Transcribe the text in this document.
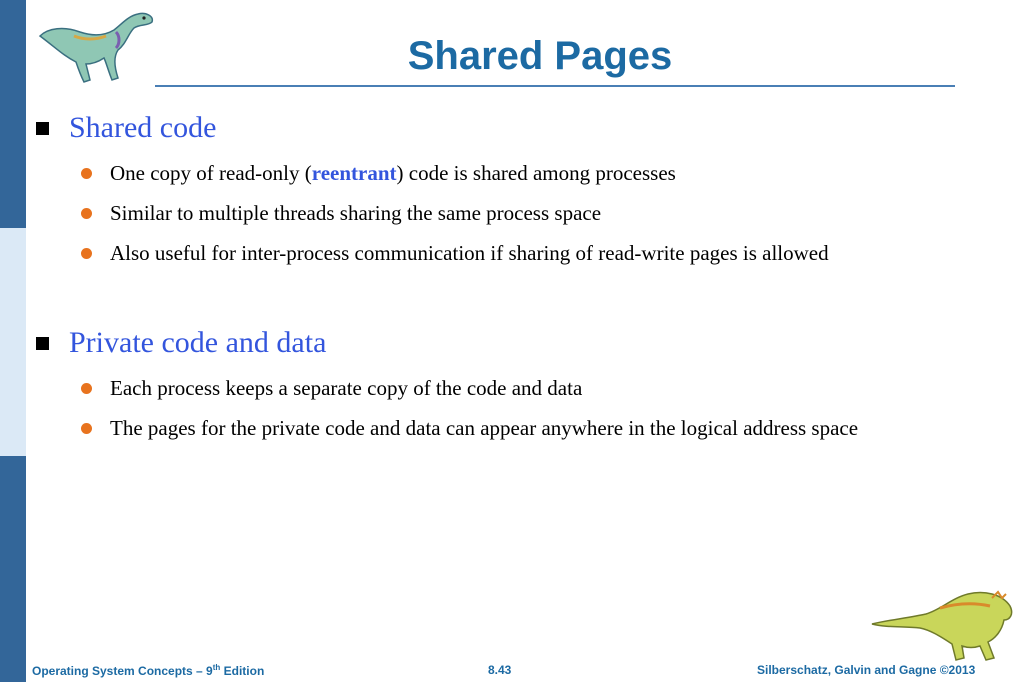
Shared Pages
Shared code
One copy of read-only (reentrant) code is shared among processes
Similar to multiple threads sharing the same process space
Also useful for inter-process communication if sharing of read-write pages is allowed
Private code and data
Each process keeps a separate copy of the code and data
The pages for the private code and data can appear anywhere in the logical address space
Operating System Concepts – 9th Edition	8.43	Silberschatz, Galvin and Gagne ©2013
